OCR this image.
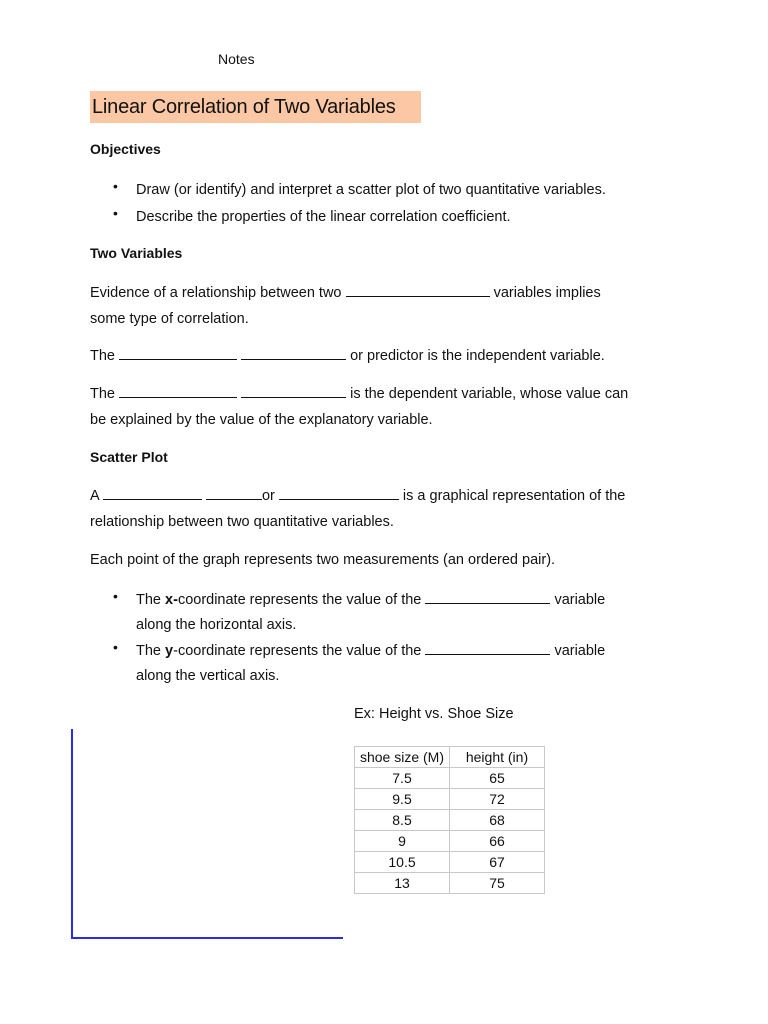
Notes
Linear Correlation of Two Variables
Objectives
• Draw (or identify) and interpret a scatter plot of two quantitative variables.
• Describe the properties of the linear correlation coefficient.
Two Variables
Evidence of a relationship between two	variables implies
some type of correlation.
The	or predictor is the independent variable.
The	is the dependent variable, whose value can
be explained by the value of the explanatory variable.
Scatter Plot
A	or	is a graphical representation of the
relationship between two quantitative variables.
Each point of the graph represents two measurements (an ordered pair).
• The x-coordinate represents the value of the	variable
along the horizontal axis.
• The y-coordinate represents the value of the	variable
along the vertical axis.
Ex: Height vs. Shoe Size
shoe size (M)	height (in)
7.5	65
9.5	72
8.5	68
9	66
10.5	67
13	75
